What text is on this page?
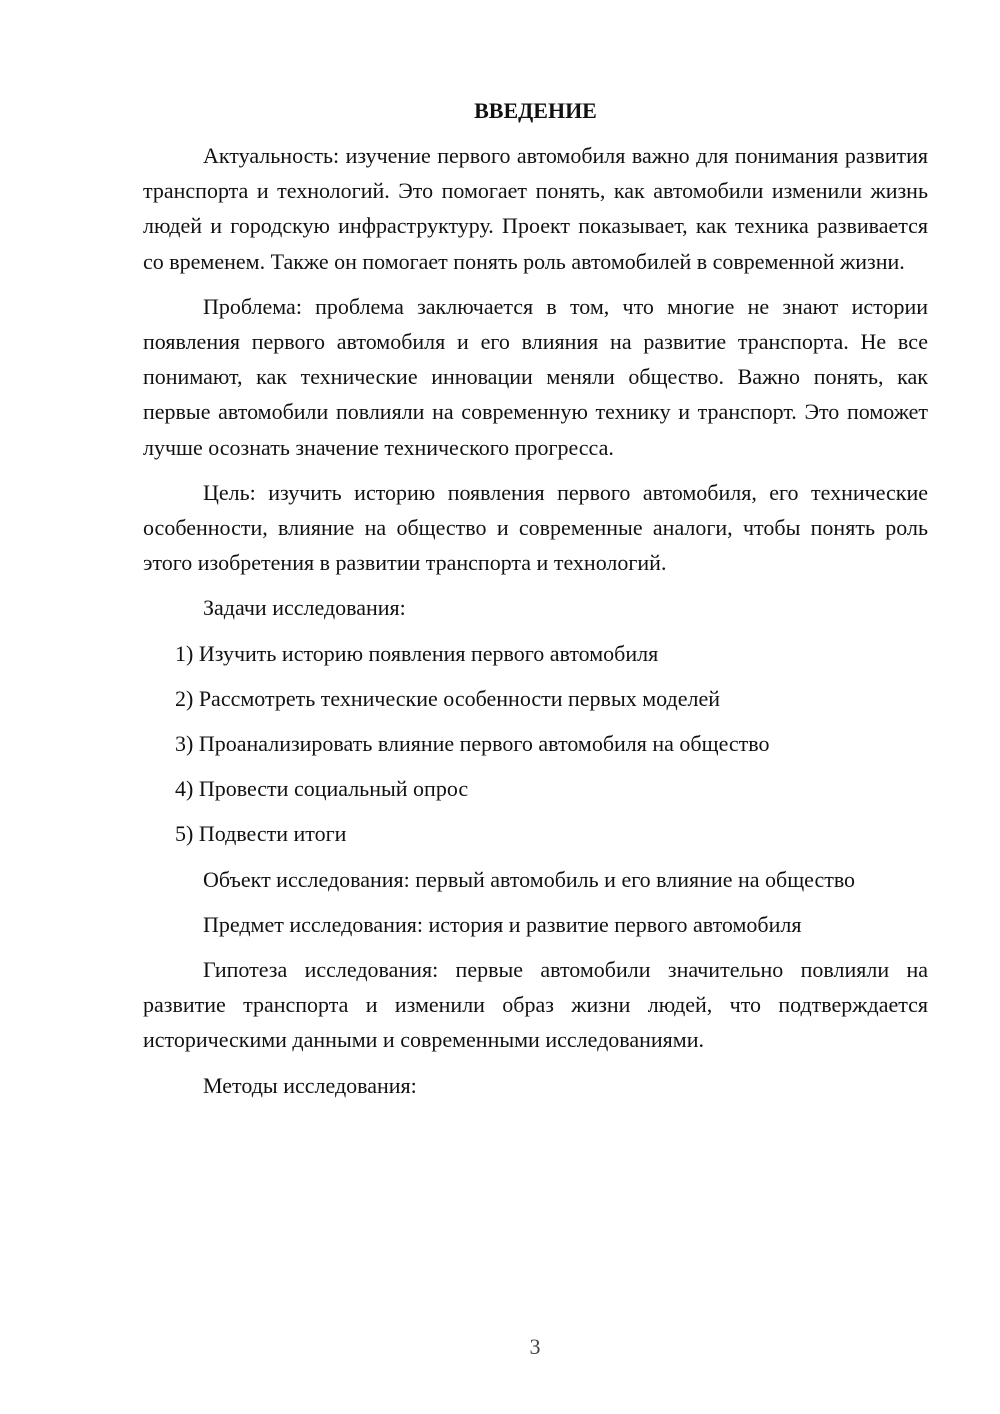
ВВЕДЕНИЕ

Актуальность: изучение первого автомобиля важно для понимания развития транспорта и технологий. Это помогает понять, как автомобили изменили жизнь людей и городскую инфраструктуру. Проект показывает, как техника развивается со временем. Также он помогает понять роль автомобилей в современной жизни.

Проблема: проблема заключается в том, что многие не знают истории появления первого автомобиля и его влияния на развитие транспорта. Не все понимают, как технические инновации меняли общество. Важно понять, как первые автомобили повлияли на современную технику и транспорт. Это поможет лучше осознать значение технического прогресса.

Цель: изучить историю появления первого автомобиля, его технические особенности, влияние на общество и современные аналоги, чтобы понять роль этого изобретения в развитии транспорта и технологий.

Задачи исследования:

1) Изучить историю появления первого автомобиля
2) Рассмотреть технические особенности первых моделей
3) Проанализировать влияние первого автомобиля на общество
4) Провести социальный опрос
5) Подвести итоги

Объект исследования: первый автомобиль и его влияние на общество

Предмет исследования: история и развитие первого автомобиля

Гипотеза исследования: первые автомобили значительно повлияли на развитие транспорта и изменили образ жизни людей, что подтверждается историческими данными и современными исследованиями.

Методы исследования:

3
